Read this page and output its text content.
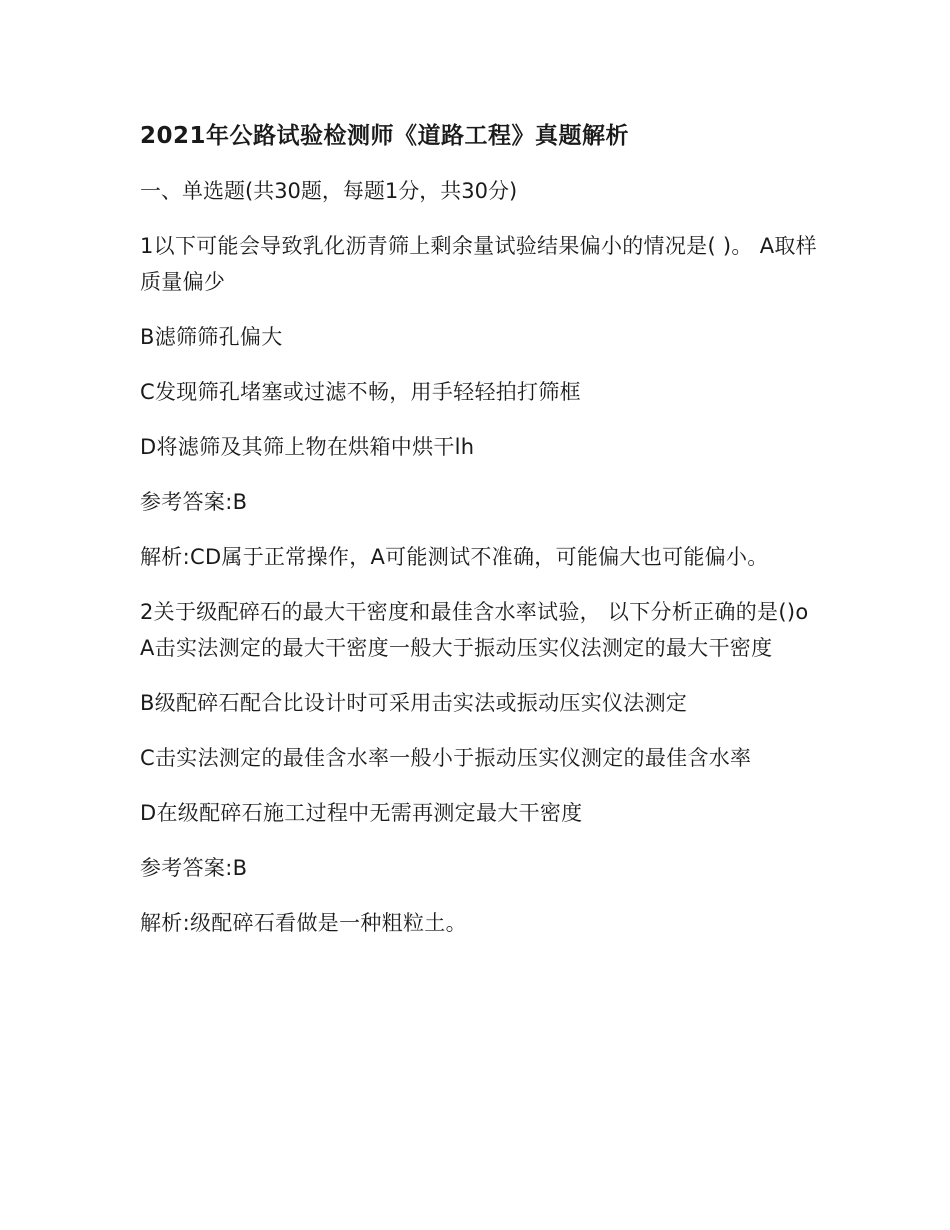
2021年公路试验检测师《道路工程》真题解析
一、单选题(共30题，每题1分，共30分)
1以下可能会导致乳化沥青筛上剩余量试验结果偏小的情况是( )。 A取样质量偏少
B滤筛筛孔偏大
C发现筛孔堵塞或过滤不畅，用手轻轻拍打筛框
D将滤筛及其筛上物在烘箱中烘干lh
参考答案:B
解析:CD属于正常操作，A可能测试不准确，可能偏大也可能偏小。
2关于级配碎石的最大干密度和最佳含水率试验， 以下分析正确的是()o A击实法测定的最大干密度一般大于振动压实仪法测定的最大干密度
B级配碎石配合比设计时可采用击实法或振动压实仪法测定
C击实法测定的最佳含水率一般小于振动压实仪测定的最佳含水率
D在级配碎石施工过程中无需再测定最大干密度
参考答案:B
解析:级配碎石看做是一种粗粒土。
